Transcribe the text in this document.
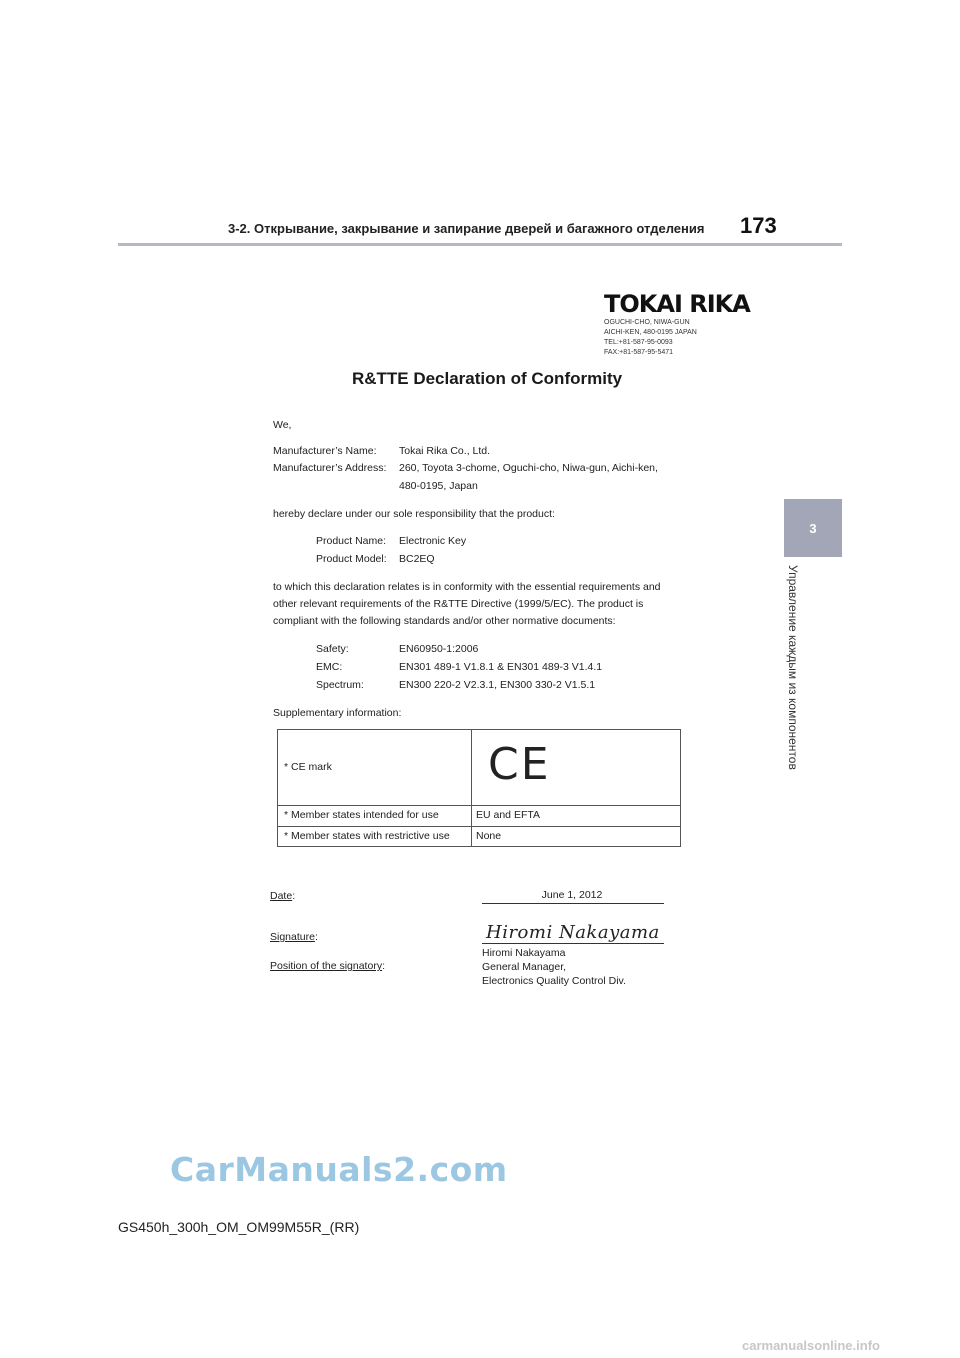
3-2. Открывание, закрывание и запирание дверей и багажного отделения 173
3
Управление каждым из компонентов
TOKAI RIKA
OGUCHI-CHO, NIWA-GUN
AICHI-KEN, 480-0195 JAPAN
TEL:+81-587-95-0093
FAX:+81-587-95-5471
R&TTE Declaration of Conformity
We,
Manufacturer’s Name: Tokai Rika Co., Ltd.
Manufacturer’s Address: 260, Toyota 3-chome, Oguchi-cho, Niwa-gun, Aichi-ken,
480-0195, Japan
hereby declare under our sole responsibility that the product:
Product Name: Electronic Key
Product Model: BC2EQ
to which this declaration relates is in conformity with the essential requirements and
other relevant requirements of the R&TTE Directive (1999/5/EC). The product is
compliant with the following standards and/or other normative documents:
Safety:	EN60950-1:2006
EMC:	EN301 489-1 V1.8.1 & EN301 489-3 V1.4.1
Spectrum:	EN300 220-2 V2.3.1, EN300 330-2 V1.5.1
Supplementary information:
* CE mark	CE
* Member states intended for use	EU and EFTA
* Member states with restrictive use	None
Date:	June 1, 2012
Signature:	Hiromi Nakayama
Hiromi Nakayama
Position of the signatory:	General Manager,
Electronics Quality Control Div.
CarManuals2.com
GS450h_300h_OM_OM99M55R_(RR)
carmanualsonline.info
